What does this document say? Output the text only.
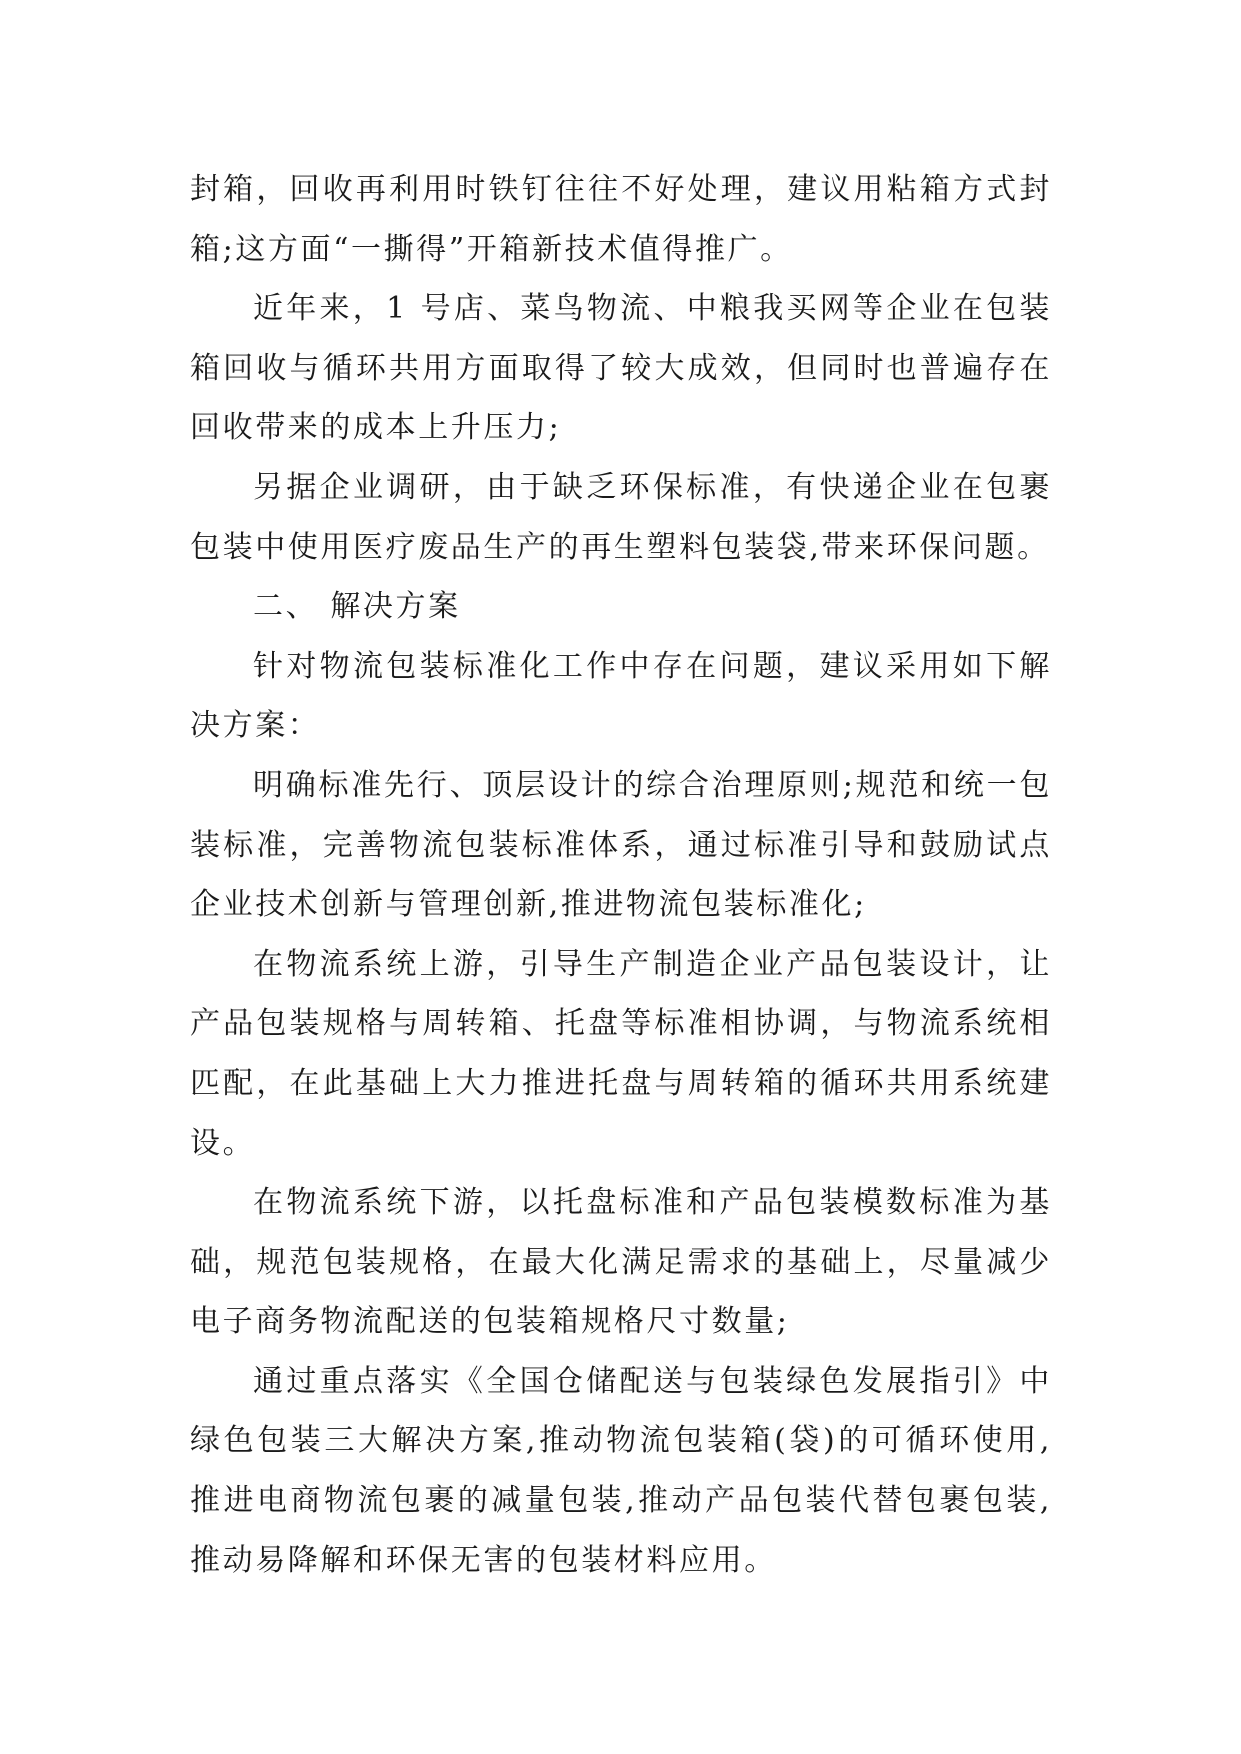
封箱，回收再利用时铁钉往往不好处理，建议用粘箱方式封箱;这方面“一撕得”开箱新技术值得推广。

近年来，1 号店、菜鸟物流、中粮我买网等企业在包装箱回收与循环共用方面取得了较大成效，但同时也普遍存在回收带来的成本上升压力;

另据企业调研，由于缺乏环保标准，有快递企业在包裹包装中使用医疗废品生产的再生塑料包装袋,带来环保问题。

二、 解决方案

针对物流包装标准化工作中存在问题，建议采用如下解决方案：

明确标准先行、顶层设计的综合治理原则;规范和统一包装标准，完善物流包装标准体系，通过标准引导和鼓励试点企业技术创新与管理创新,推进物流包装标准化;

在物流系统上游，引导生产制造企业产品包装设计，让产品包装规格与周转箱、托盘等标准相协调，与物流系统相匹配，在此基础上大力推进托盘与周转箱的循环共用系统建设。

在物流系统下游，以托盘标准和产品包装模数标准为基础，规范包装规格，在最大化满足需求的基础上，尽量减少电子商务物流配送的包装箱规格尺寸数量;

通过重点落实《全国仓储配送与包装绿色发展指引》中绿色包装三大解决方案,推动物流包装箱(袋)的可循环使用,推进电商物流包裹的减量包装,推动产品包装代替包裹包装,推动易降解和环保无害的包装材料应用。
